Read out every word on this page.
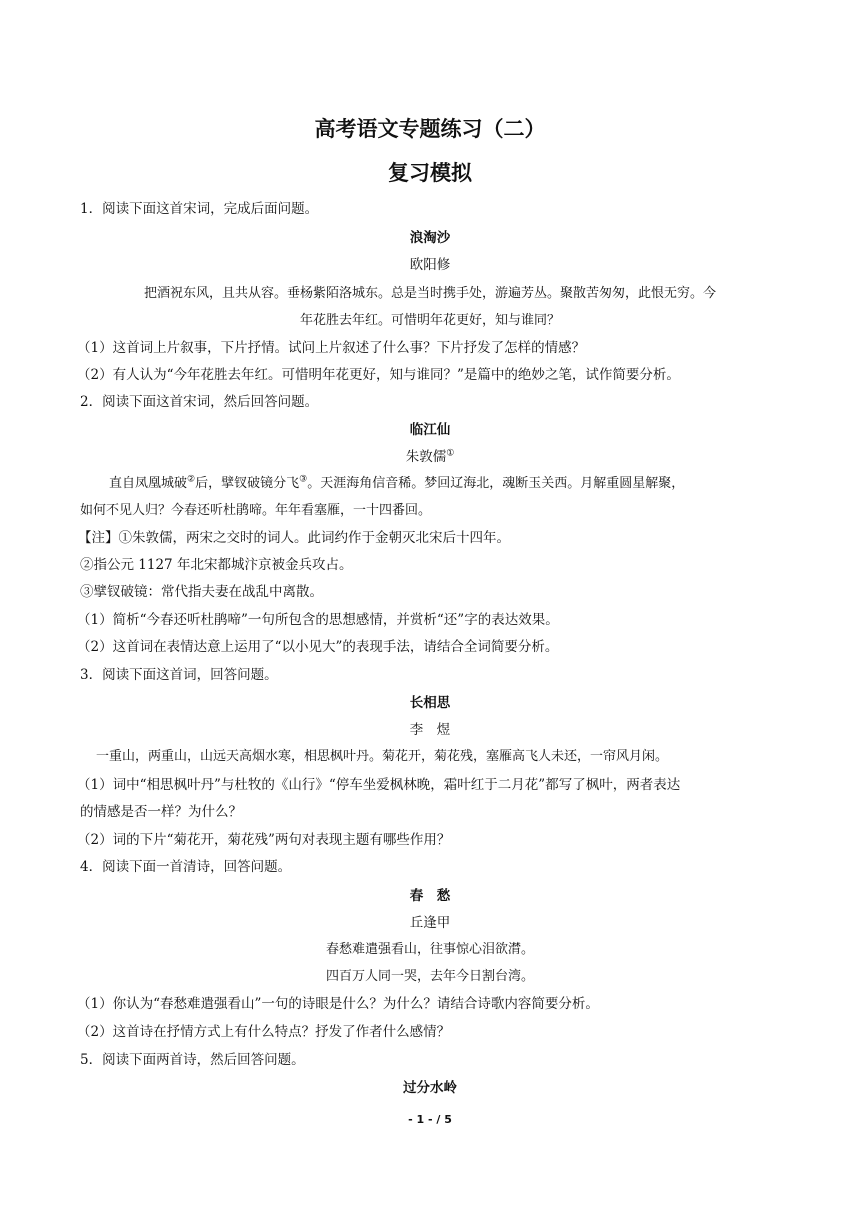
高考语文专题练习（二）
复习模拟
1．阅读下面这首宋词，完成后面问题。
浪淘沙
欧阳修
把酒祝东风，且共从容。垂杨紫陌洛城东。总是当时携手处，游遍芳丛。聚散苦匆匆，此恨无穷。今
年花胜去年红。可惜明年花更好，知与谁同？
（1）这首词上片叙事，下片抒情。试问上片叙述了什么事？下片抒发了怎样的情感？
（2）有人认为“今年花胜去年红。可惜明年花更好，知与谁同？”是篇中的绝妙之笔，试作简要分析。
2．阅读下面这首宋词，然后回答问题。
临江仙
朱敦儒①
直自凤凰城破②后，擘钗破镜分飞③。天涯海角信音稀。梦回辽海北，魂断玉关西。月解重圆星解聚，
如何不见人归？今春还听杜鹃啼。年年看塞雁，一十四番回。
【注】①朱敦儒，两宋之交时的词人。此词约作于金朝灭北宋后十四年。
②指公元 1127 年北宋都城汴京被金兵攻占。
③擘钗破镜：常代指夫妻在战乱中离散。
（1）简析“今春还听杜鹃啼”一句所包含的思想感情，并赏析“还”字的表达效果。
（2）这首词在表情达意上运用了“以小见大”的表现手法，请结合全词简要分析。
3．阅读下面这首词，回答问题。
长相思
李　煜
一重山，两重山，山远天高烟水寒，相思枫叶丹。菊花开，菊花残，塞雁高飞人未还，一帘风月闲。
（1）词中“相思枫叶丹”与杜牧的《山行》“停车坐爱枫林晚，霜叶红于二月花”都写了枫叶，两者表达
的情感是否一样？为什么？
（2）词的下片“菊花开，菊花残”两句对表现主题有哪些作用？
4．阅读下面一首清诗，回答问题。
春　愁
丘逢甲
春愁难遣强看山，往事惊心泪欲潸。
四百万人同一哭，去年今日割台湾。
（1）你认为“春愁难遣强看山”一句的诗眼是什么？为什么？请结合诗歌内容简要分析。
（2）这首诗在抒情方式上有什么特点？抒发了作者什么感情？
5．阅读下面两首诗，然后回答问题。
过分水岭
- 1 - / 5
